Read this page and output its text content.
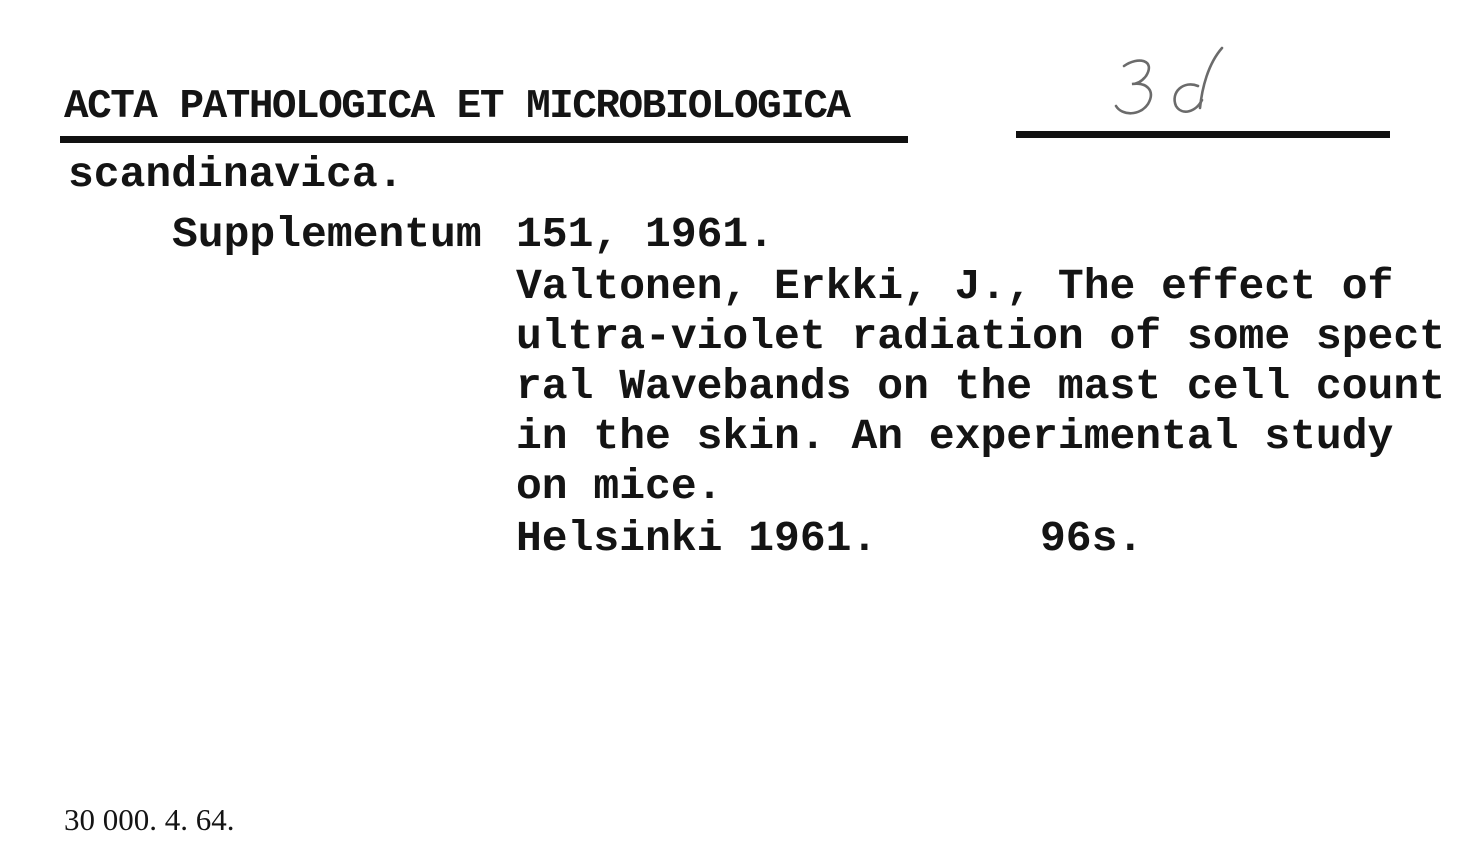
ACTA PATHOLOGICA ET MICROBIOLOGICA
scandinavica.
Supplementum 151, 1961.
Valtonen, Erkki, J., The effect of
ultra-violet radiation of some spect
ral Wavebands on the mast cell count
in the skin. An experimental study
on mice.
Helsinki 1961.	96s.
30 000. 4. 64.
